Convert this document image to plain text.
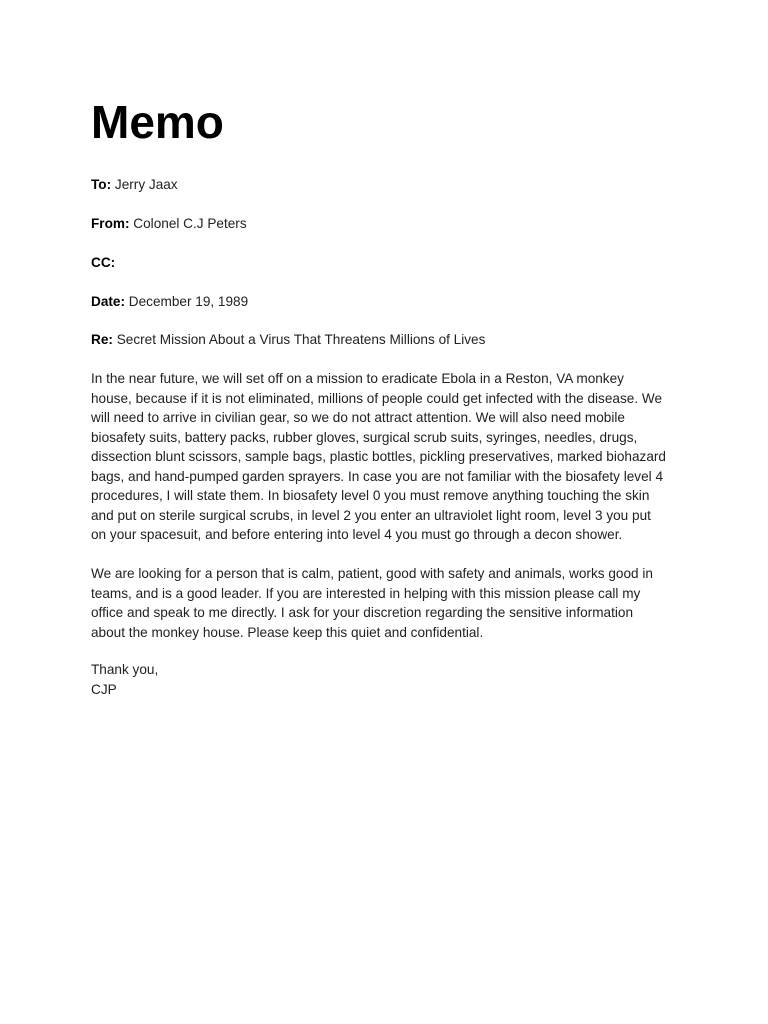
Memo

To: Jerry Jaax

From: Colonel C.J Peters

CC:

Date: December 19, 1989

Re: Secret Mission About a Virus That Threatens Millions of Lives

In the near future, we will set off on a mission to eradicate Ebola in a Reston, VA monkey
house, because if it is not eliminated, millions of people could get infected with the disease. We
will need to arrive in civilian gear, so we do not attract attention. We will also need mobile
biosafety suits, battery packs, rubber gloves, surgical scrub suits, syringes, needles, drugs,
dissection blunt scissors, sample bags, plastic bottles, pickling preservatives, marked biohazard
bags, and hand-pumped garden sprayers. In case you are not familiar with the biosafety level 4
procedures, I will state them. In biosafety level 0 you must remove anything touching the skin
and put on sterile surgical scrubs, in level 2 you enter an ultraviolet light room, level 3 you put
on your spacesuit, and before entering into level 4 you must go through a decon shower.

We are looking for a person that is calm, patient, good with safety and animals, works good in
teams, and is a good leader. If you are interested in helping with this mission please call my
office and speak to me directly. I ask for your discretion regarding the sensitive information
about the monkey house. Please keep this quiet and confidential.

Thank you,
CJP
